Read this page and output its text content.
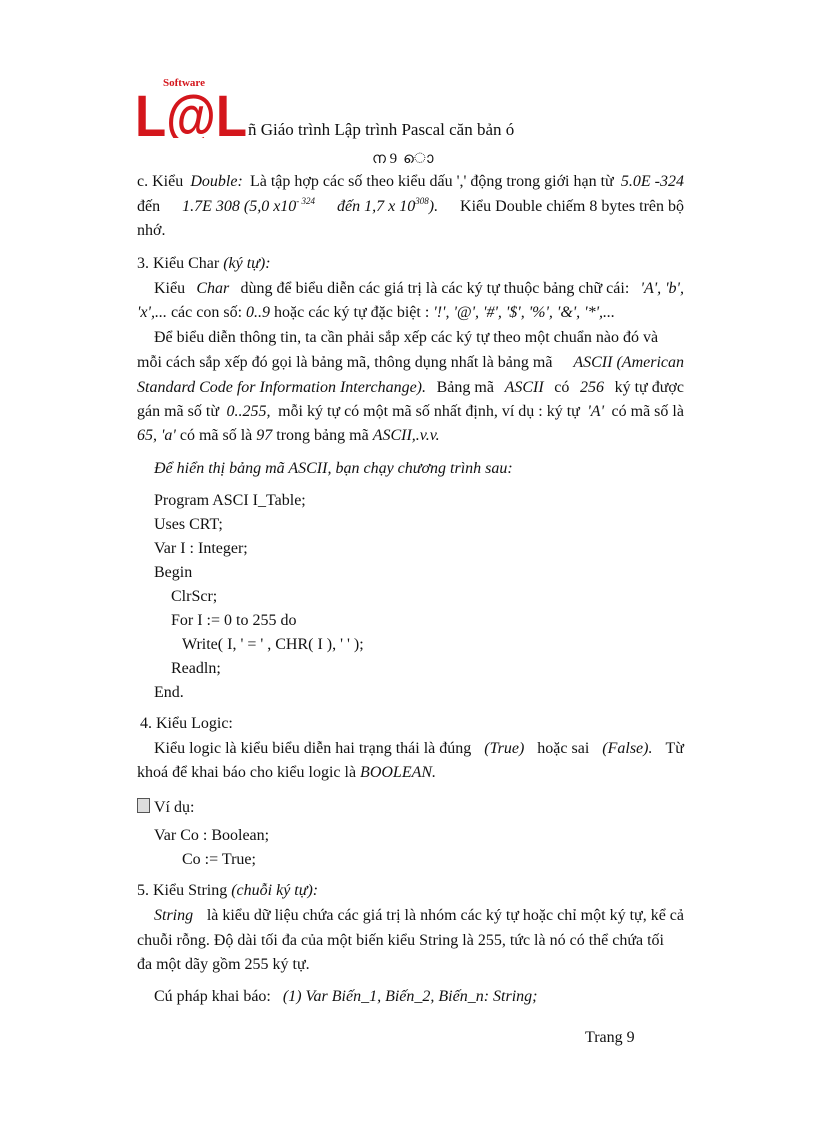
Software
L@L ñ Giáo trình Lập trình Pascal căn bản ó
ന 9 ൊ
c. Kiểu Double: Là tập hợp các số theo kiểu dấu ',' động trong giới hạn từ 5.0E -324
đến 1.7E 308 (5,0 $x10^{- 324}$ đến 1,7 x $10^{308}$). Kiểu Double chiếm 8 bytes trên bộ
nhớ.
3. Kiểu Char (ký tự):
Kiểu Char dùng để biểu diễn các giá trị là các ký tự thuộc bảng chữ cái: 'A', 'b',
'x',... các con số: 0..9 hoặc các ký tự đặc biệt : '!', '@', '#', '$', '%', '&', '*',...
Để biểu diễn thông tin, ta cần phải sắp xếp các ký tự theo một chuẩn nào đó và
mỗi cách sắp xếp đó gọi là bảng mã, thông dụng nhất là bảng mã ASCII (American
Standard Code for Information Interchange). Bảng mã ASCII có 256 ký tự được
gán mã số từ 0..255, mỗi ký tự có một mã số nhất định, ví dụ : ký tự 'A' có mã số là
65, 'a' có mã số là 97 trong bảng mã ASCII,.v.v.
Để hiển thị bảng mã ASCII, bạn chạy chương trình sau:
Program ASCI I_Table;
Uses CRT;
Var I : Integer;
Begin
ClrScr;
For I := 0 to 255 do
Write( I, ' = ' , CHR( I ), ' ' );
Readln;
End.
4. Kiểu Logic:
Kiểu logic là kiểu biểu diễn hai trạng thái là đúng (True) hoặc sai (False). Từ
khoá để khai báo cho kiểu logic là BOOLEAN.
Ví dụ:
Var Co : Boolean;
Co := True;
5. Kiểu String (chuỗi ký tự):
String là kiểu dữ liệu chứa các giá trị là nhóm các ký tự hoặc chỉ một ký tự, kể cả
chuỗi rỗng. Độ dài tối đa của một biến kiểu String là 255, tức là nó có thể chứa tối
đa một dãy gồm 255 ký tự.
Cú pháp khai báo: (1) Var Biến_1, Biến_2, Biến_n: String;
Trang 9
